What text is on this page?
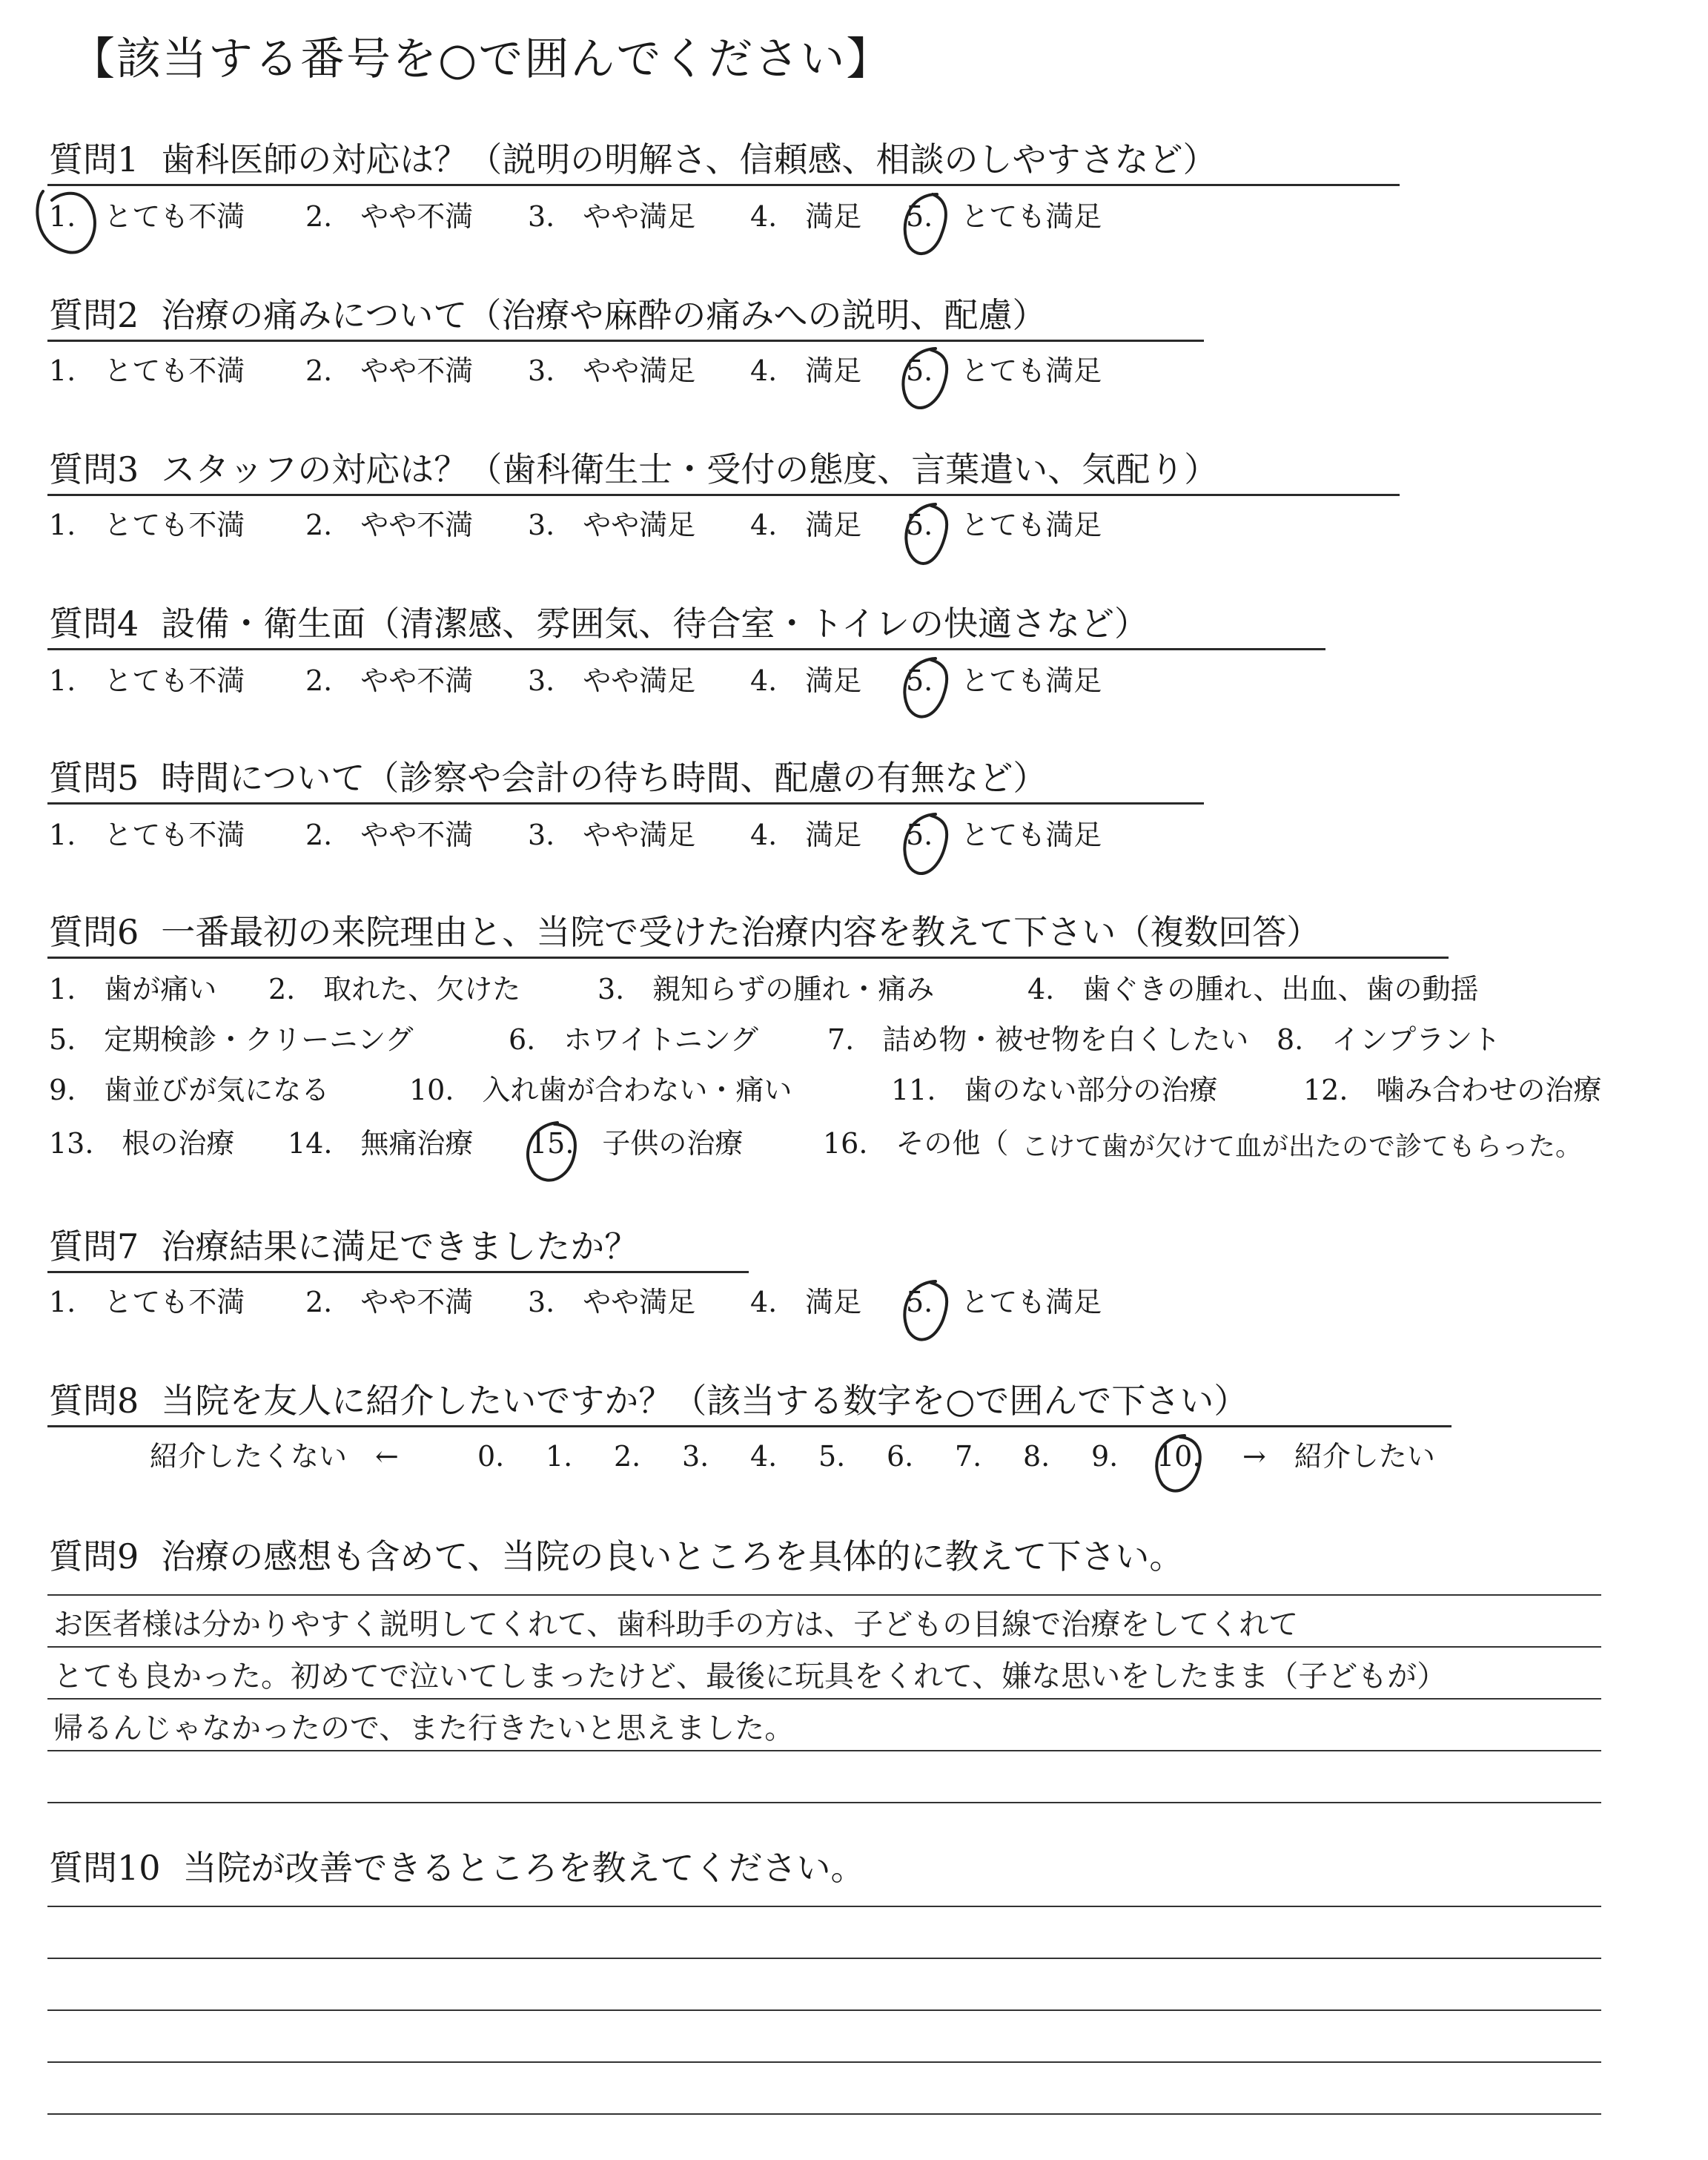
【該当する番号を○で囲んでください】
質問1 歯科医師の対応は？（説明の明解さ、信頼感、相談のしやすさなど）
1.　とても不満 2.　やや不満 3.　やや満足 4.　満足 5.　とても満足
質問2 治療の痛みについて（治療や麻酔の痛みへの説明、配慮）
1.　とても不満 2.　やや不満 3.　やや満足 4.　満足 5.　とても満足
質問3 スタッフの対応は？（歯科衛生士・受付の態度、言葉遣い、気配り）
1.　とても不満 2.　やや不満 3.　やや満足 4.　満足 5.　とても満足
質問4 設備・衛生面（清潔感、雰囲気、待合室・トイレの快適さなど）
1.　とても不満 2.　やや不満 3.　やや満足 4.　満足 5.　とても満足
質問5 時間について（診察や会計の待ち時間、配慮の有無など）
1.　とても不満 2.　やや不満 3.　やや満足 4.　満足 5.　とても満足
質問6 一番最初の来院理由と、当院で受けた治療内容を教えて下さい（複数回答）
1.　歯が痛い 2.　取れた、欠けた	3.　親知らずの腫れ・痛み	4.　歯ぐきの腫れ、出血、歯の動揺
5.　定期検診・クリーニング	6.　ホワイトニング 7.　詰め物・被せ物を白くしたい 8.　インプラント
9.　歯並びが気になる	10.　入れ歯が合わない・痛い	11.　歯のない部分の治療	12.　噛み合わせの治療
13.　根の治療 14.　無痛治療 15.　子供の治療	16.　その他（ こけて歯が欠けて血が出たので診てもらった。
質問7 治療結果に満足できましたか？
1.　とても不満 2.　やや不満 3.　やや満足 4.　満足 5.　とても満足
質問8 当院を友人に紹介したいですか？（該当する数字を○で囲んで下さい）
紹介したくない　←	0. 1. 2. 3. 4. 5. 6. 7. 8. 9. 10. →　紹介したい
質問9 治療の感想も含めて、当院の良いところを具体的に教えて下さい。
お医者様は分かりやすく説明してくれて、歯科助手の方は、子どもの目線で治療をしてくれて
とても良かった。初めてで泣いてしまったけど、最後に玩具をくれて、嫌な思いをしたまま（子どもが）
帰るんじゃなかったので、また行きたいと思えました。
質問10 当院が改善できるところを教えてください。
